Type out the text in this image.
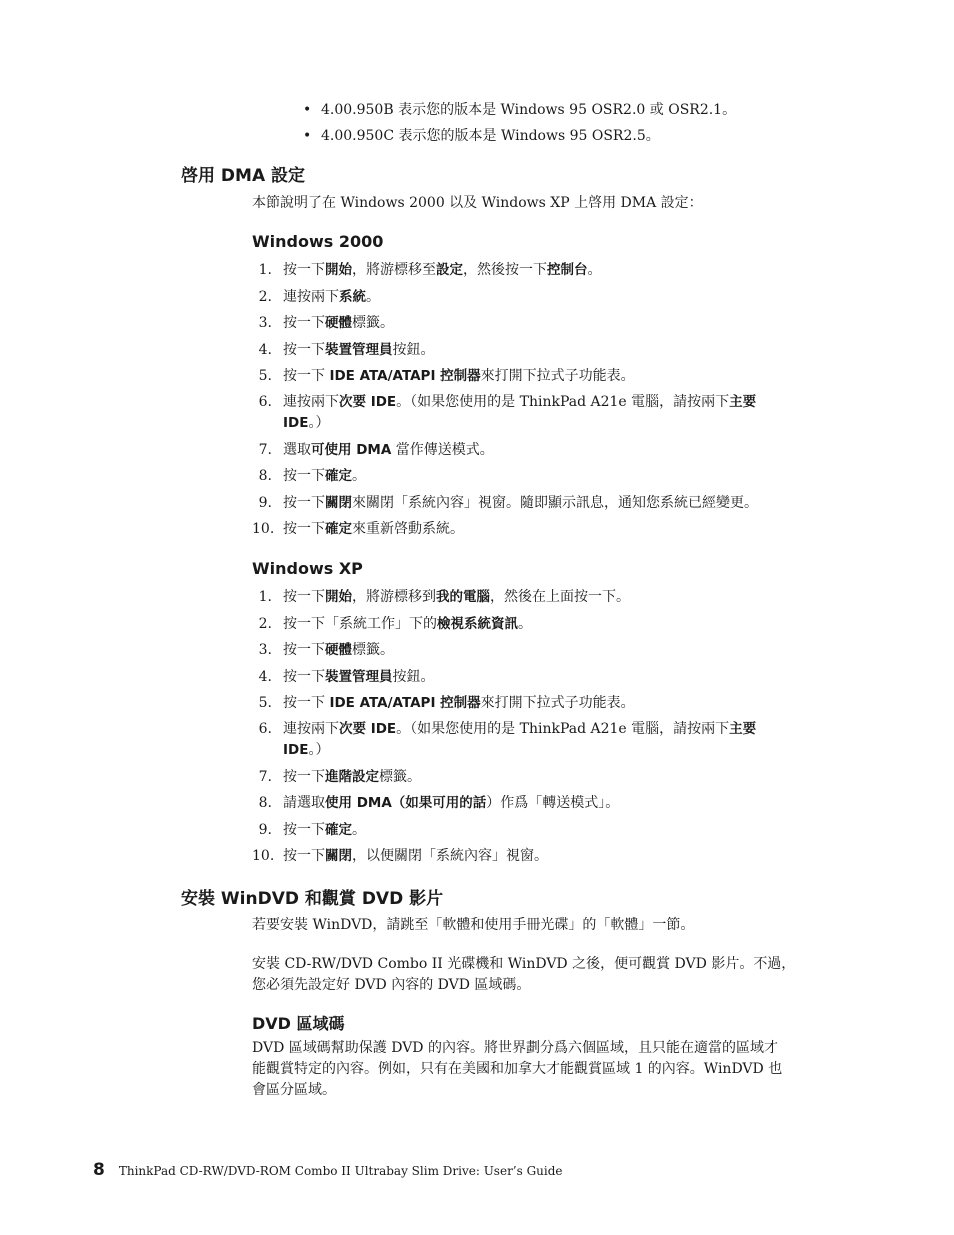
• 4.00.950B 表示您的版本是 Windows 95 OSR2.0 或 OSR2.1。
• 4.00.950C 表示您的版本是 Windows 95 OSR2.5。
啓用 DMA 設定
本節說明了在 Windows 2000 以及 Windows XP 上啓用 DMA 設定：
Windows 2000
1. 按一下開始，將游標移至設定，然後按一下控制台。
2. 連按兩下系統。
3. 按一下硬體標籤。
4. 按一下裝置管理員按鈕。
5. 按一下 IDE ATA/ATAPI 控制器來打開下拉式子功能表。
6. 連按兩下次要 IDE。（如果您使用的是 ThinkPad A21e 電腦，請按兩下主要
IDE。）
7. 選取可使用 DMA 當作傳送模式。
8. 按一下確定。
9. 按一下關閉來關閉「系統內容」視窗。隨即顯示訊息，通知您系統已經變更。
10. 按一下確定來重新啓動系統。
Windows XP
1. 按一下開始，將游標移到我的電腦，然後在上面按一下。
2. 按一下「系統工作」下的檢視系統資訊。
3. 按一下硬體標籤。
4. 按一下裝置管理員按鈕。
5. 按一下 IDE ATA/ATAPI 控制器來打開下拉式子功能表。
6. 連按兩下次要 IDE。（如果您使用的是 ThinkPad A21e 電腦，請按兩下主要
IDE。）
7. 按一下進階設定標籤。
8. 請選取使用 DMA（如果可用的話）作爲「轉送模式」。
9. 按一下確定。
10. 按一下關閉，以便關閉「系統內容」視窗。
安裝 WinDVD 和觀賞 DVD 影片
若要安裝 WinDVD，請跳至「軟體和使用手冊光碟」的「軟體」一節。
安裝 CD-RW/DVD Combo II 光碟機和 WinDVD 之後，便可觀賞 DVD 影片。不過，
您必須先設定好 DVD 內容的 DVD 區域碼。
DVD 區域碼
DVD 區域碼幫助保護 DVD 的內容。將世界劃分爲六個區域，且只能在適當的區域才
能觀賞特定的內容。例如，只有在美國和加拿大才能觀賞區域 1 的內容。WinDVD 也
會區分區域。
8 ThinkPad CD-RW/DVD-ROM Combo II Ultrabay Slim Drive: User’s Guide
